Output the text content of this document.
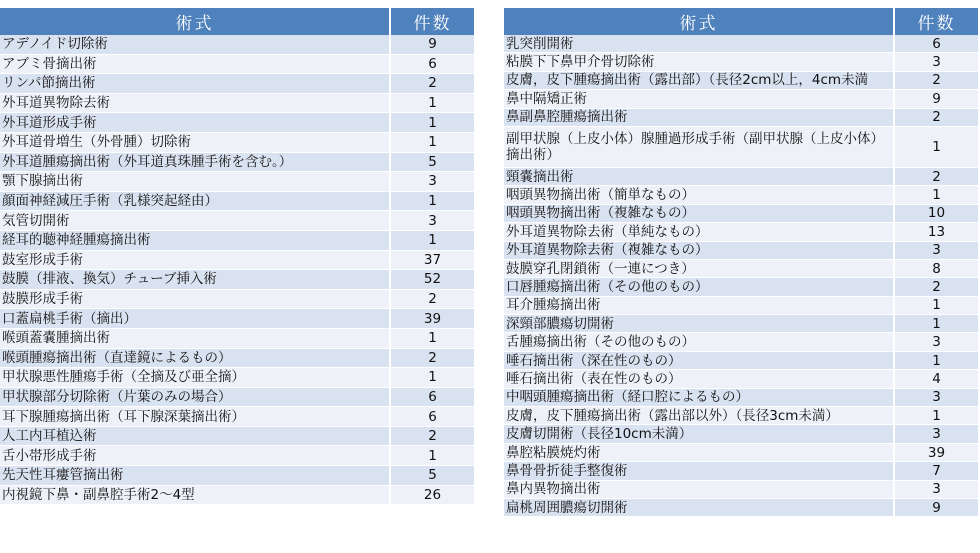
術式	件数
アデノイド切除術	9
アブミ骨摘出術	6
リンパ節摘出術	2
外耳道異物除去術	1
外耳道形成手術	1
外耳道骨増生（外骨腫）切除術	1
外耳道腫瘍摘出術（外耳道真珠腫手術を含む。）	5
顎下腺摘出術	3
顔面神経減圧手術（乳様突起経由）	1
気管切開術	3
経耳的聴神経腫瘍摘出術	1
鼓室形成手術	37
鼓膜（排液、換気）チューブ挿入術	52
鼓膜形成手術	2
口蓋扁桃手術（摘出）	39
喉頭蓋嚢腫摘出術	1
喉頭腫瘍摘出術（直達鏡によるもの）	2
甲状腺悪性腫瘍手術（全摘及び亜全摘）	1
甲状腺部分切除術（片葉のみの場合）	6
耳下腺腫瘍摘出術（耳下腺深葉摘出術）	6
人工内耳植込術	2
舌小帯形成手術	1
先天性耳瘻管摘出術	5
内視鏡下鼻・副鼻腔手術2～4型	26
術式	件数
乳突削開術	6
粘膜下下鼻甲介骨切除術	3
皮膚，皮下腫瘍摘出術（露出部）（長径2cm以上，4cm未満	2
鼻中隔矯正術	9
鼻副鼻腔腫瘍摘出術	2
副甲状腺（上皮小体）腺腫過形成手術（副甲状腺（上皮小体）摘出術）	1
頸嚢摘出術	2
咽頭異物摘出術（簡単なもの）	1
咽頭異物摘出術（複雑なもの）	10
外耳道異物除去術（単純なもの）	13
外耳道異物除去術（複雑なもの）	3
鼓膜穿孔閉鎖術（一連につき）	8
口唇腫瘍摘出術（その他のもの）	2
耳介腫瘍摘出術	1
深頸部膿瘍切開術	1
舌腫瘍摘出術（その他のもの）	3
唾石摘出術（深在性のもの）	1
唾石摘出術（表在性のもの）	4
中咽頭腫瘍摘出術（経口腔によるもの）	3
皮膚，皮下腫瘍摘出術（露出部以外）（長径3cm未満）	1
皮膚切開術（長径10cm未満）	3
鼻腔粘膜焼灼術	39
鼻骨骨折徒手整復術	7
鼻内異物摘出術	3
扁桃周囲膿瘍切開術	9
